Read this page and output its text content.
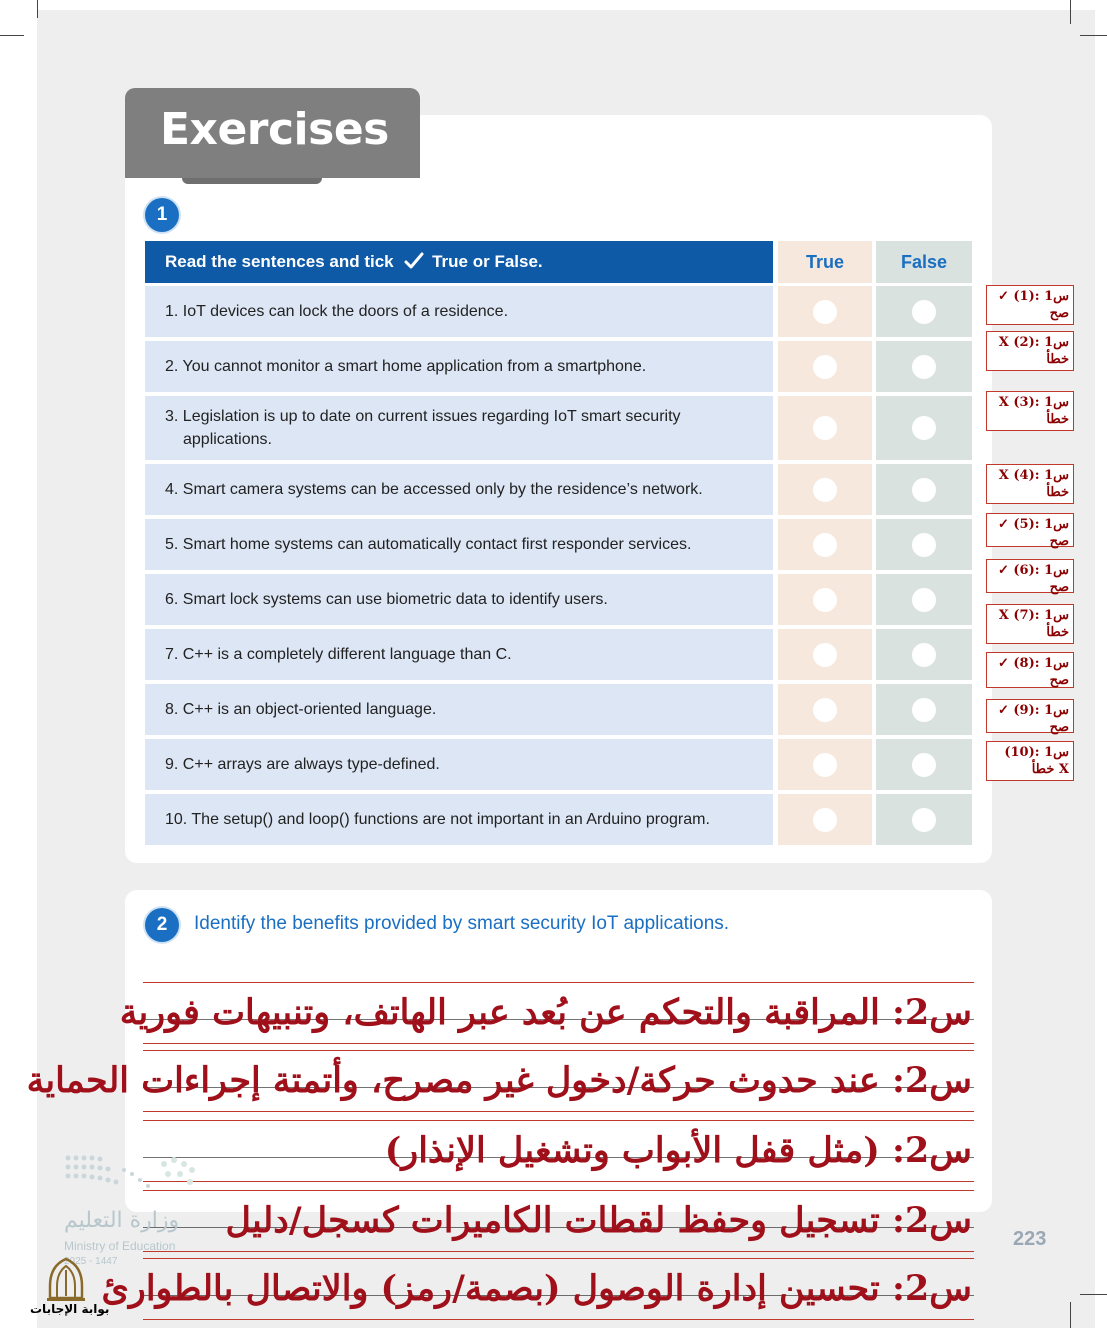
Exercises
1
Read the sentences and tick True or False.	True	False
1. IoT devices can lock the doors of a residence.
2. You cannot monitor a smart home application from a smartphone.
3. Legislation is up to date on current issues regarding IoT smart security applications.
4. Smart camera systems can be accessed only by the residence’s network.
5. Smart home systems can automatically contact first responder services.
6. Smart lock systems can use biometric data to identify users.
7. C++ is a completely different language than C.
8. C++ is an object-oriented language.
9. C++ arrays are always type-defined.
10. The setup() and loop() functions are not important in an Arduino program.
س1 :(1) ✓ صح
س1 :(2) X خطأ
س1 :(3) X خطأ
س1 :(4) X خطأ
س1 :(5) ✓ صح
س1 :(6) ✓ صح
س1 :(7) X خطأ
س1 :(8) ✓ صح
س1 :(9) ✓ صح
س1 :(10) X خطأ
2	Identify the benefits provided by smart security IoT applications.
س2: المراقبة والتحكم عن بُعد عبر الهاتف، وتنبيهات فورية
س2: عند حدوث حركة/دخول غير مصرح، وأتمتة إجراءات الحماية
س2: (مثل قفل الأبواب وتشغيل الإنذار)
س2: تسجيل وحفظ لقطات الكاميرات كسجل/دليل
س2: تحسين إدارة الوصول (بصمة/رمز) والاتصال بالطوارئ
وزارة التعليم
Ministry of Education
2025 - 1447
بوابة الإجابات
223
